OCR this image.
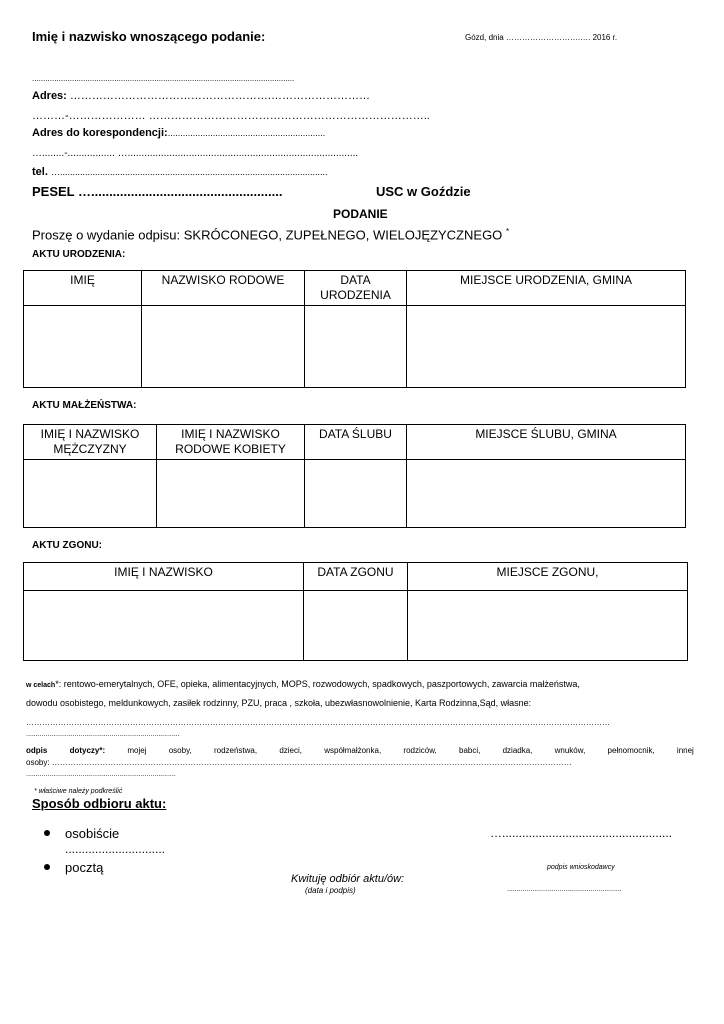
Imię i nazwisko wnoszącego podanie:	Gózd, dnia ……………………….…. 2016 r.
......................................................................................................................
Adres: ……………………………………………….………………………
………-………………… …………………………………………………………………..
Adres do korespondencji:...............................................................
…........-................. …...................................................................................
tel. …...........................................................................................................
PESEL ….....................................................	USC w Goździe
PODANIE
Proszę o wydanie odpisu: SKRÓCONEGO, ZUPEŁNEGO, WIELOJĘZYCZNEGO *
AKTU URODZENIA:
IMIĘ	NAZWISKO RODOWE	DATA URODZENIA	MIEJSCE URODZENIA, GMINA

AKTU MAŁŻEŃSTWA:
IMIĘ I NAZWISKO MĘŻCZYZNY	IMIĘ I NAZWISKO RODOWE KOBIETY	DATA ŚLUBU	MIEJSCE ŚLUBU, GMINA

AKTU ZGONU:
IMIĘ I NAZWISKO	DATA ZGONU	MIEJSCE ZGONU,

w celach*: rentowo-emerytalnych, OFE, opieka, alimentacyjnych, MOPS, rozwodowych, spadkowych, paszportowych, zawarcia małżeństwa,
dowodu osobistego, meldunkowych, zasiłek rodzinny, PZU, praca , szkoła, ubezwłasnowolnienie, Karta Rodzinna,Sąd, własne:
…………………………………………………………………………………………………………………………………………………………………………………………………
...............................................................................
odpis	dotyczy*:	mojej	osoby,	rodzeństwa,	dzieci,	współmałżonka,	rodziców,	babci,	dziadka,	wnuków,	pełnomocnik,	innej
osoby: ……………………………………………………………………………………………………………………………………………………………………………
.............................................................................
* właściwe należy podkreślić
Sposób odbioru aktu:
osobiście	…...................................................
..............................
pocztą	podpis wnioskodawcy
Kwituję odbiór aktu/ów:
(data i podpis)	...........................................................
